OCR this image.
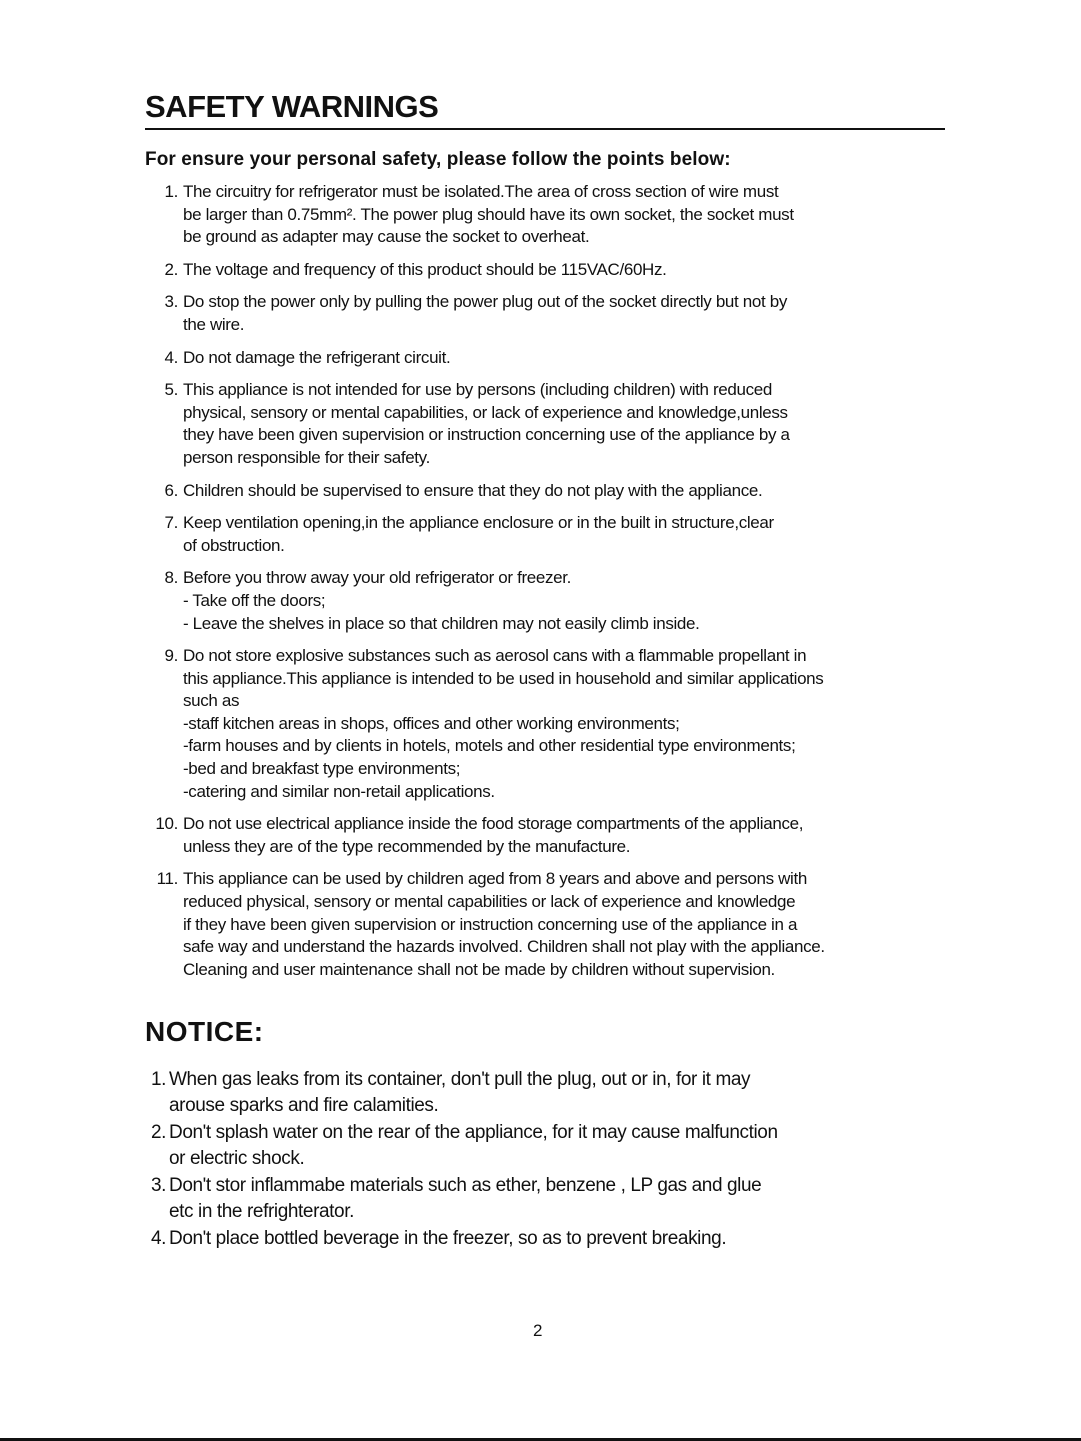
SAFETY WARNINGS
For ensure your personal safety, please follow the points below:
1. The circuitry for refrigerator must be isolated.The area of cross section of wire must
be larger than 0.75mm². The power plug should have its own socket, the socket must
be ground as adapter may cause the socket to overheat.
2. The voltage and frequency of this product should be 115VAC/60Hz.
3. Do stop the power only by pulling the power plug out of the socket directly but not by
the wire.
4. Do not damage the refrigerant circuit.
5. This appliance is not intended for use by persons (including children) with reduced
physical, sensory or mental capabilities, or lack of experience and knowledge,unless
they have been given supervision or instruction concerning use of the appliance by a
person responsible for their safety.
6. Children should be supervised to ensure that they do not play with the appliance.
7. Keep ventilation opening,in the appliance enclosure or in the built in structure,clear
of obstruction.
8. Before you throw away your old refrigerator or freezer.
- Take off the doors;
- Leave the shelves in place so that children may not easily climb inside.
9. Do not store explosive substances such as aerosol cans with a flammable propellant in
this appliance.This appliance is intended to be used in household and similar applications
such as
-staff kitchen areas in shops, offices and other working environments;
-farm houses and by clients in hotels, motels and other residential type environments;
-bed and breakfast type environments;
-catering and similar non-retail applications.
10. Do not use electrical appliance inside the food storage compartments of the appliance,
unless they are of the type recommended by the manufacture.
11. This appliance can be used by children aged from 8 years and above and persons with
reduced physical, sensory or mental capabilities or lack of experience and knowledge
if they have been given supervision or instruction concerning use of the appliance in a
safe way and understand the hazards involved. Children shall not play with the appliance.
Cleaning and user maintenance shall not be made by children without supervision.
NOTICE:
1. When gas leaks from its container, don't pull the plug, out or in, for it may
arouse sparks and fire calamities.
2. Don't splash water on the rear of the appliance, for it may cause malfunction
or electric shock.
3. Don't stor inflammabe materials such as ether, benzene , LP gas and glue
etc in the refrighterator.
4. Don't place bottled beverage in the freezer, so as to prevent breaking.
2
